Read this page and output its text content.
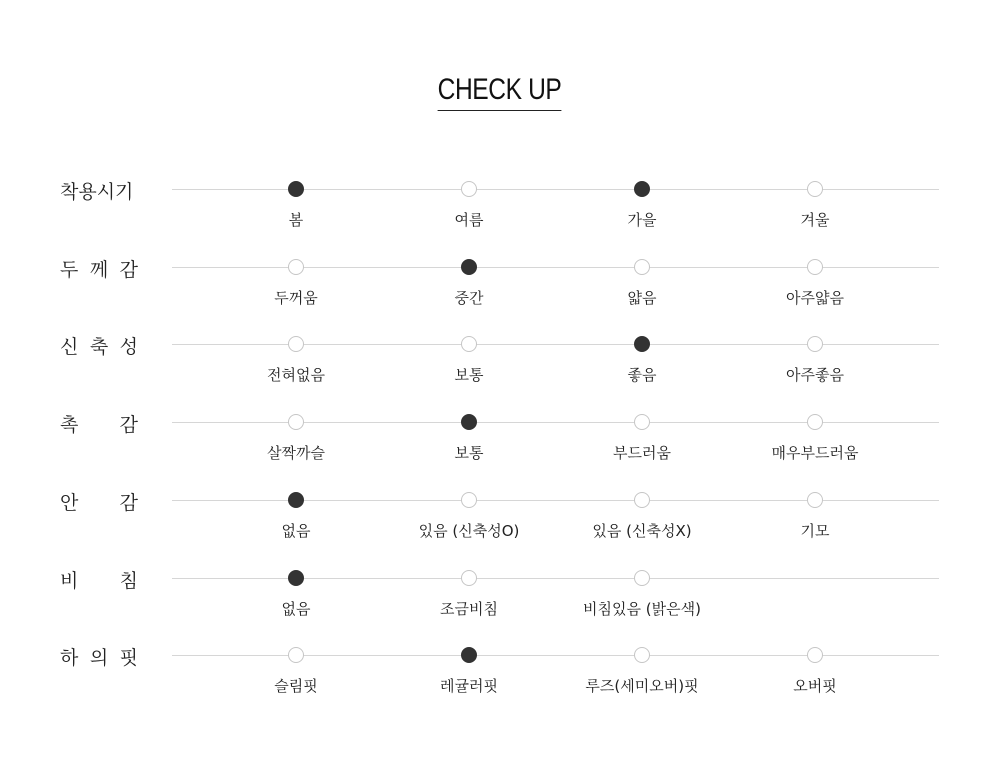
CHECK UP
착용시기
봄	여름	가을	겨울
두 께 감
두꺼움	중간	얇음	아주얇음
신 축 성
전혀없음	보통	좋음	아주좋음
촉 감
살짝까슬	보통	부드러움	매우부드러움
안 감
없음	있음 (신축성O)	있음 (신축성X)	기모
비 침
없음	조금비침	비침있음 (밝은색)
하 의 핏
슬림핏	레귤러핏	루즈(세미오버)핏	오버핏
